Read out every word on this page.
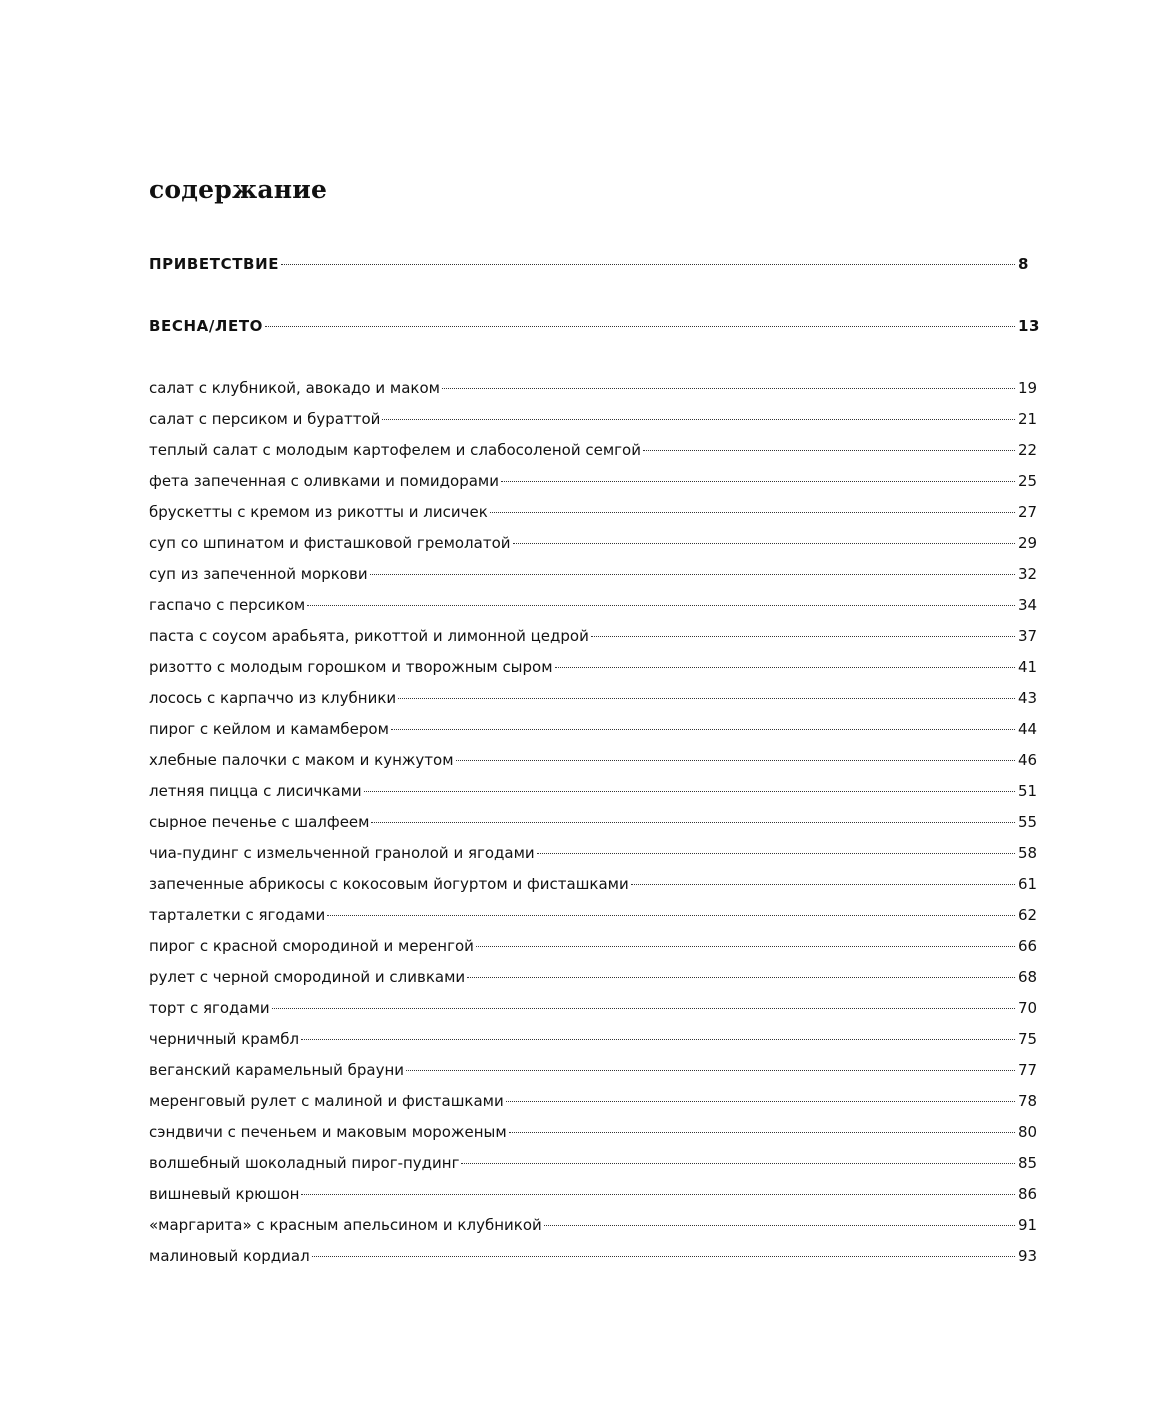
содержание
ПРИВЕТСТВИЕ	8
ВЕСНА/ЛЕТО	13
салат с клубникой, авокадо и маком	19
салат с персиком и бураттой	21
теплый салат с молодым картофелем и слабосоленой семгой	22
фета запеченная с оливками и помидорами	25
брускетты с кремом из рикотты и лисичек	27
суп со шпинатом и фисташковой гремолатой	29
суп из запеченной моркови	32
гаспачо с персиком	34
паста с соусом арабьята, рикоттой и лимонной цедрой	37
ризотто с молодым горошком и творожным сыром	41
лосось с карпаччо из клубники	43
пирог с кейлом и камамбером	44
хлебные палочки с маком и кунжутом	46
летняя пицца с лисичками	51
сырное печенье с шалфеем	55
чиа-пудинг с измельченной гранолой и ягодами	58
запеченные абрикосы с кокосовым йогуртом и фисташками	61
тарталетки с ягодами	62
пирог с красной смородиной и меренгой	66
рулет с черной смородиной и сливками	68
торт с ягодами	70
черничный крамбл	75
веганский карамельный брауни	77
меренговый рулет с малиной и фисташками	78
сэндвичи с печеньем и маковым мороженым	80
волшебный шоколадный пирог-пудинг	85
вишневый крюшон	86
«маргарита» с красным апельсином и клубникой	91
малиновый кордиал	93
